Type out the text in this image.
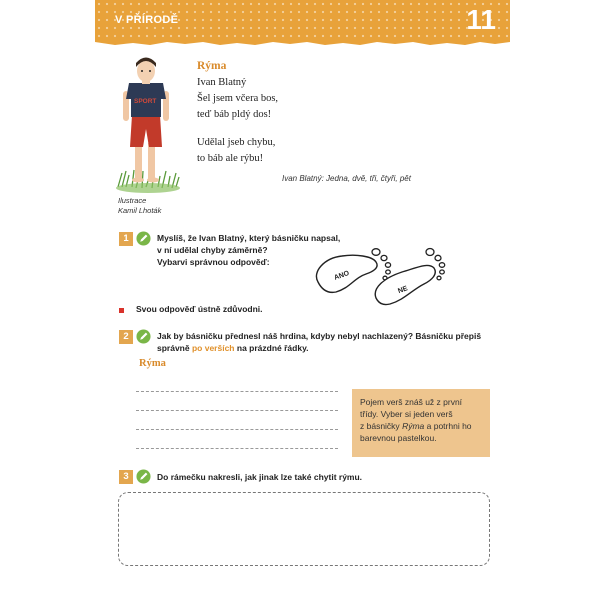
V PŘÍRODĚ	11
SPORT
Ilustrace
Kamil Lhoták
Rýma
Ivan Blatný
Šel jsem včera bos,
teď báb pldý dos!
Udělal jseb chybu,
to báb ale rýbu!
Ivan Blatný: Jedna, dvě, tři, čtyři, pět
1	Myslíš, že Ivan Blatný, který básničku napsal,
v ní udělal chyby záměrně?
Vybarvi správnou odpověď:
ANO
NE
Svou odpověď ústně zdůvodni.
2	Jak by básničku přednesl náš hrdina, kdyby nebyl nachlazený? Básničku přepiš
správně po verších na prázdné řádky.
Rýma
Pojem verš znáš už z první
třídy. Vyber si jeden verš
z básničky Rýma a potrhni ho
barevnou pastelkou.
3	Do rámečku nakresli, jak jinak lze také chytit rýmu.
